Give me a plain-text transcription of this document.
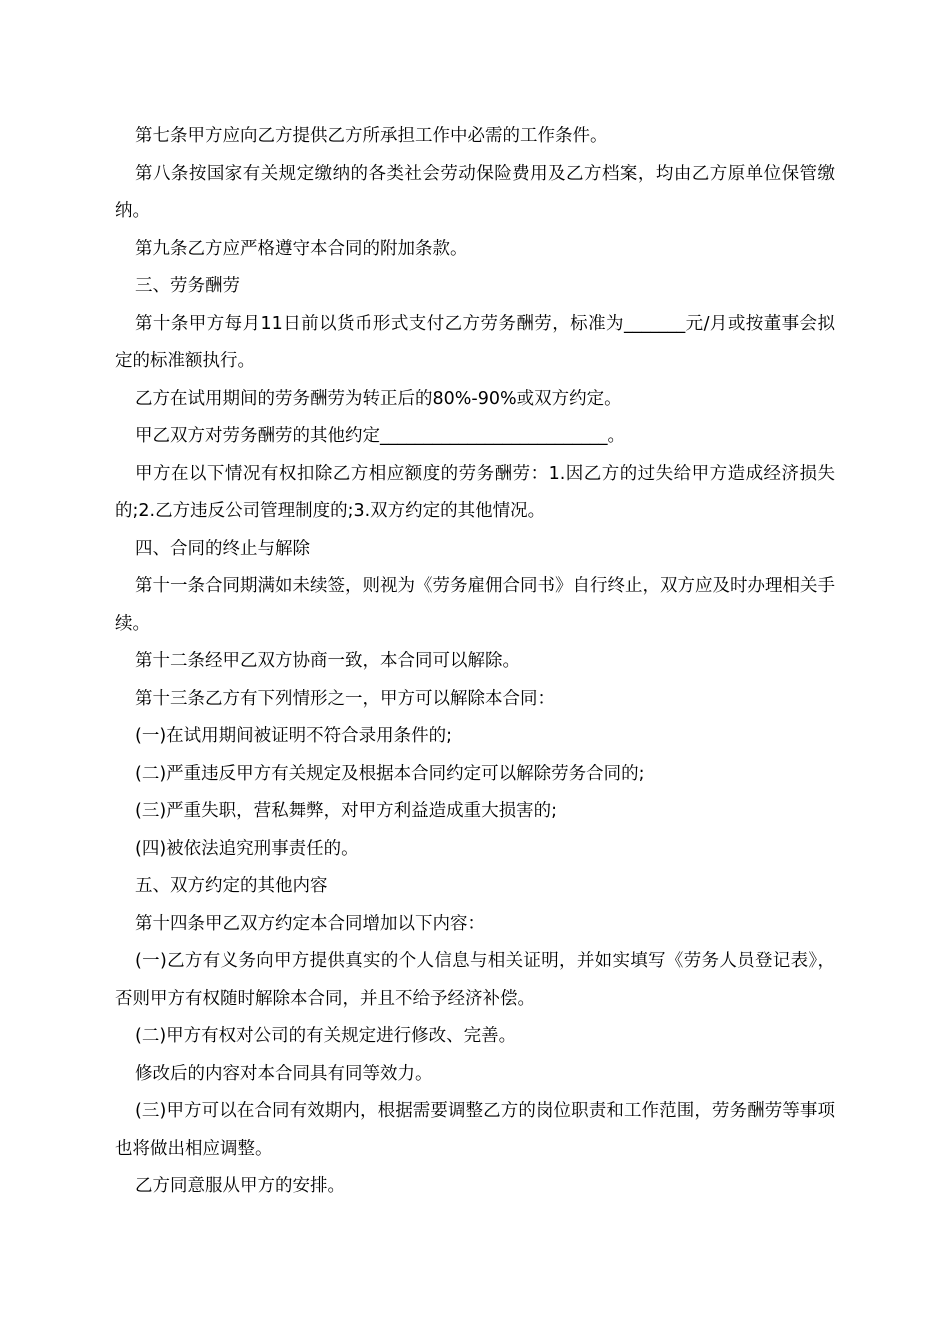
第七条甲方应向乙方提供乙方所承担工作中必需的工作条件。

第八条按国家有关规定缴纳的各类社会劳动保险费用及乙方档案，均由乙方原单位保管缴纳。

第九条乙方应严格遵守本合同的附加条款。

三、劳务酬劳

第十条甲方每月11日前以货币形式支付乙方劳务酬劳，标准为_______元/月或按董事会拟定的标准额执行。

乙方在试用期间的劳务酬劳为转正后的80%-90%或双方约定。

甲乙双方对劳务酬劳的其他约定__________________________。

甲方在以下情况有权扣除乙方相应额度的劳务酬劳：1.因乙方的过失给甲方造成经济损失的;2.乙方违反公司管理制度的;3.双方约定的其他情况。

四、合同的终止与解除

第十一条合同期满如未续签，则视为《劳务雇佣合同书》自行终止，双方应及时办理相关手续。

第十二条经甲乙双方协商一致，本合同可以解除。

第十三条乙方有下列情形之一，甲方可以解除本合同：

(一)在试用期间被证明不符合录用条件的;

(二)严重违反甲方有关规定及根据本合同约定可以解除劳务合同的;

(三)严重失职，营私舞弊，对甲方利益造成重大损害的;

(四)被依法追究刑事责任的。

五、双方约定的其他内容

第十四条甲乙双方约定本合同增加以下内容：

(一)乙方有义务向甲方提供真实的个人信息与相关证明，并如实填写《劳务人员登记表》，否则甲方有权随时解除本合同，并且不给予经济补偿。

(二)甲方有权对公司的有关规定进行修改、完善。

修改后的内容对本合同具有同等效力。

(三)甲方可以在合同有效期内，根据需要调整乙方的岗位职责和工作范围，劳务酬劳等事项也将做出相应调整。

乙方同意服从甲方的安排。
